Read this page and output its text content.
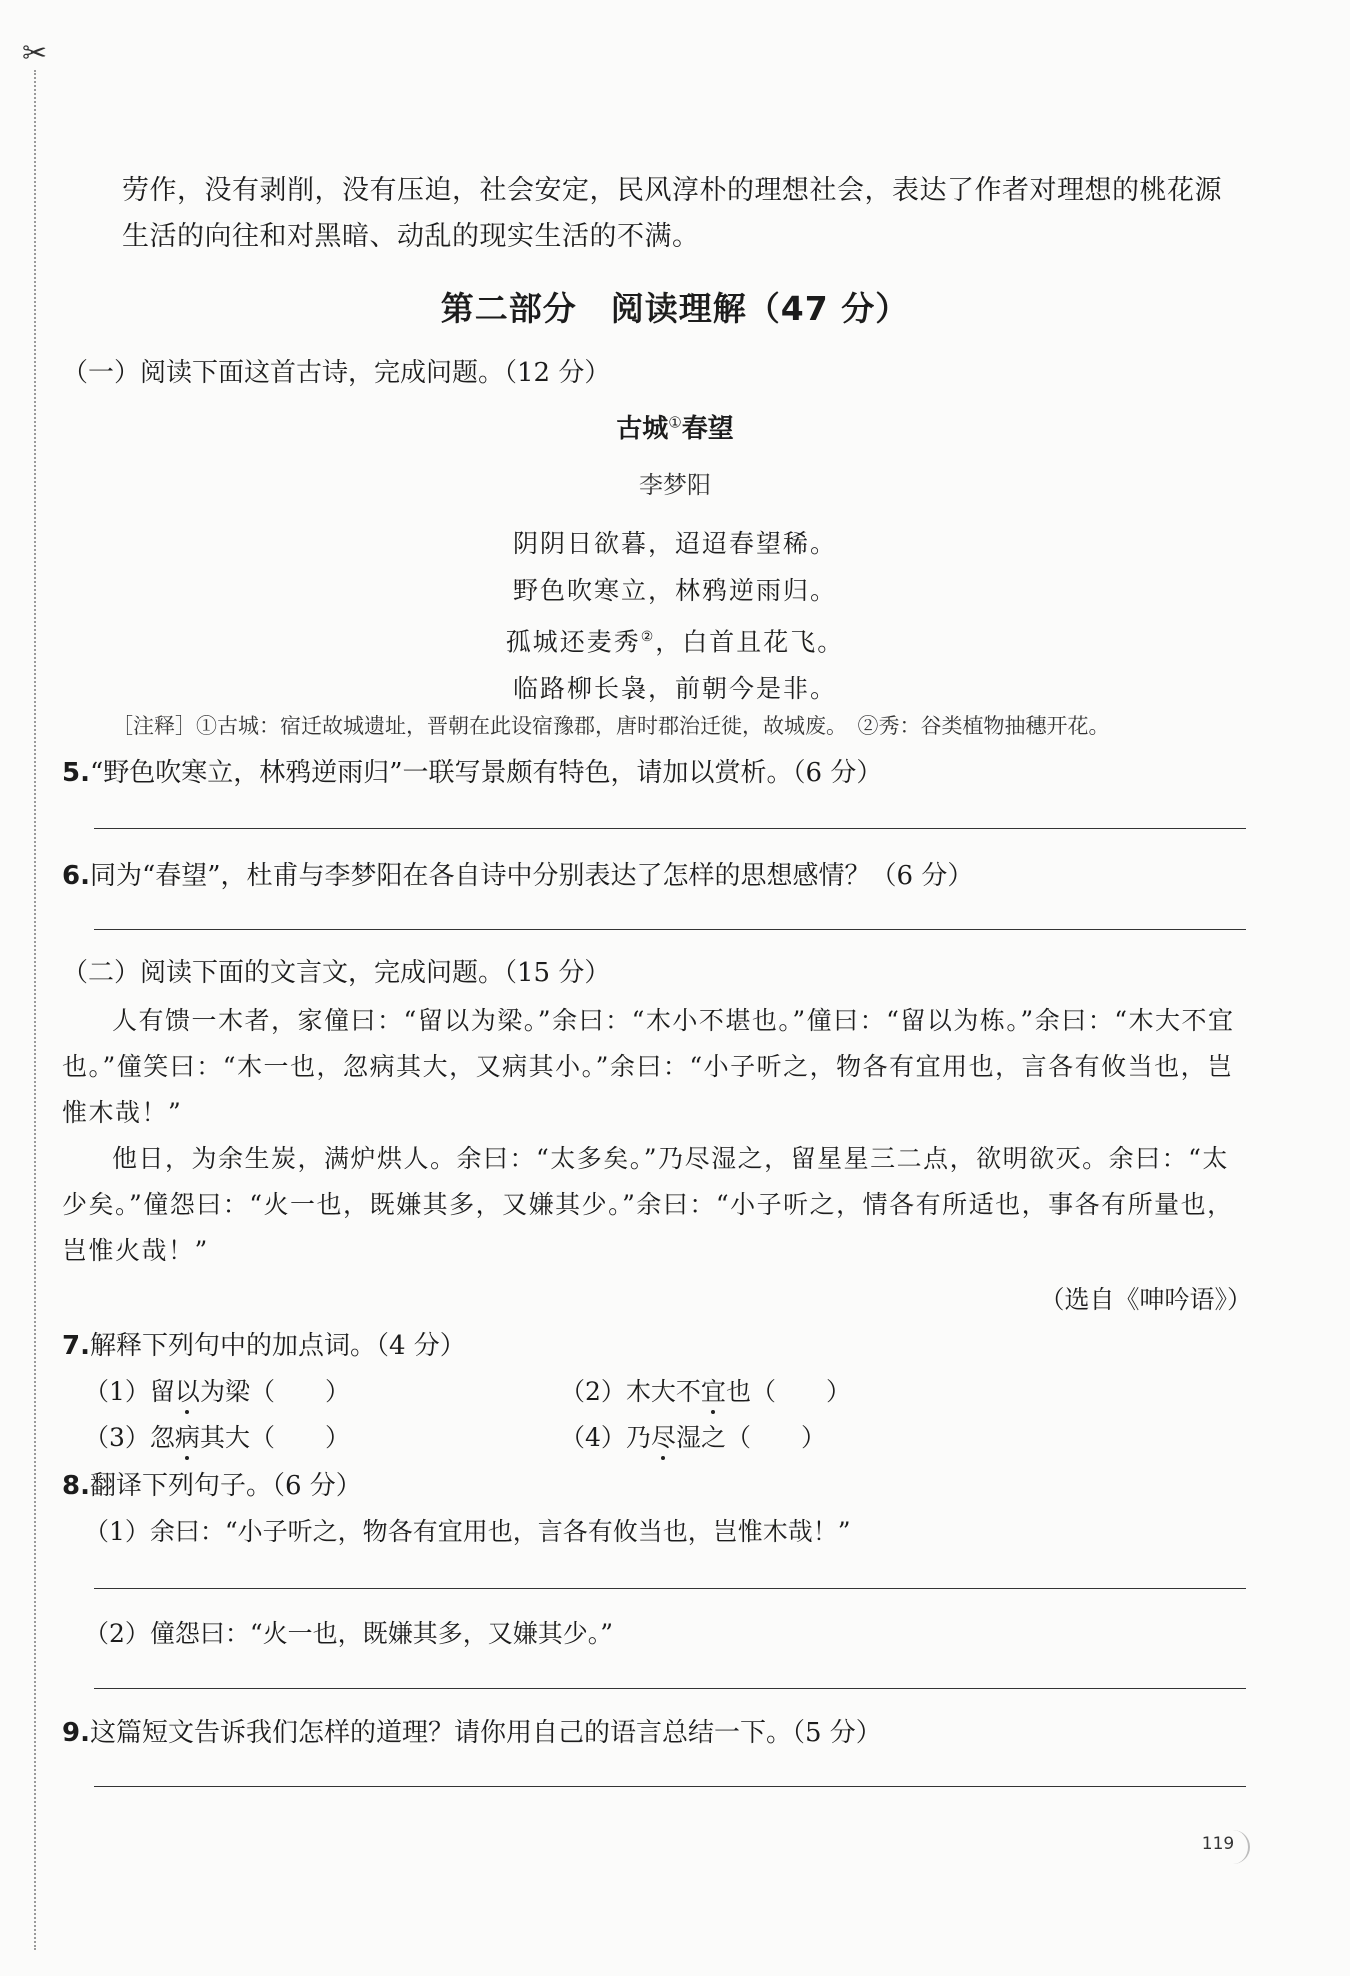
✂

劳作，没有剥削，没有压迫，社会安定，民风淳朴的理想社会，表达了作者对理想的桃花源

生活的向往和对黑暗、动乱的现实生活的不满。

第二部分　阅读理解（47 分）
（一）阅读下面这首古诗，完成问题。（12 分）
古城①春望
李梦阳
阴阴日欲暮，迢迢春望稀。
野色吹寒立，林鸦逆雨归。
孤城还麦秀②，白首且花飞。
临路柳长袅，前朝今是非。
［注释］①古城：宿迁故城遗址，晋朝在此设宿豫郡，唐时郡治迁徙，故城废。　②秀：谷类植物抽穗开花。
5.“野色吹寒立，林鸦逆雨归”一联写景颇有特色，请加以赏析。（6 分）
6.同为“春望”，杜甫与李梦阳在各自诗中分别表达了怎样的思想感情？（6 分）
（二）阅读下面的文言文，完成问题。（15 分）

人有馈一木者，家僮曰：“留以为梁。”余曰：“木小不堪也。”僮曰：“留以为栋。”余曰：“木大不宜也。”僮笑曰：“木一也，忽病其大，又病其小。”余曰：“小子听之，物各有宜用也，言各有攸当也，岂惟木哉！”

他日，为余生炭，满炉烘人。余曰：“太多矣。”乃尽湿之，留星星三二点，欲明欲灭。余曰：“太少矣。”僮怨曰：“火一也，既嫌其多，又嫌其少。”余曰：“小子听之，情各有所适也，事各有所量也，岂惟火哉！”

（选自《呻吟语》）
7.解释下列句中的加点词。（4 分）
（1）留以为梁（　　）	（2）木大不宜也（　　）
（3）忽病其大（　　）	（4）乃尽湿之（　　）
8.翻译下列句子。（6 分）
（1）余曰：“小子听之，物各有宜用也，言各有攸当也，岂惟木哉！”
（2）僮怨曰：“火一也，既嫌其多，又嫌其少。”
9.这篇短文告诉我们怎样的道理？请你用自己的语言总结一下。（5 分）
119
